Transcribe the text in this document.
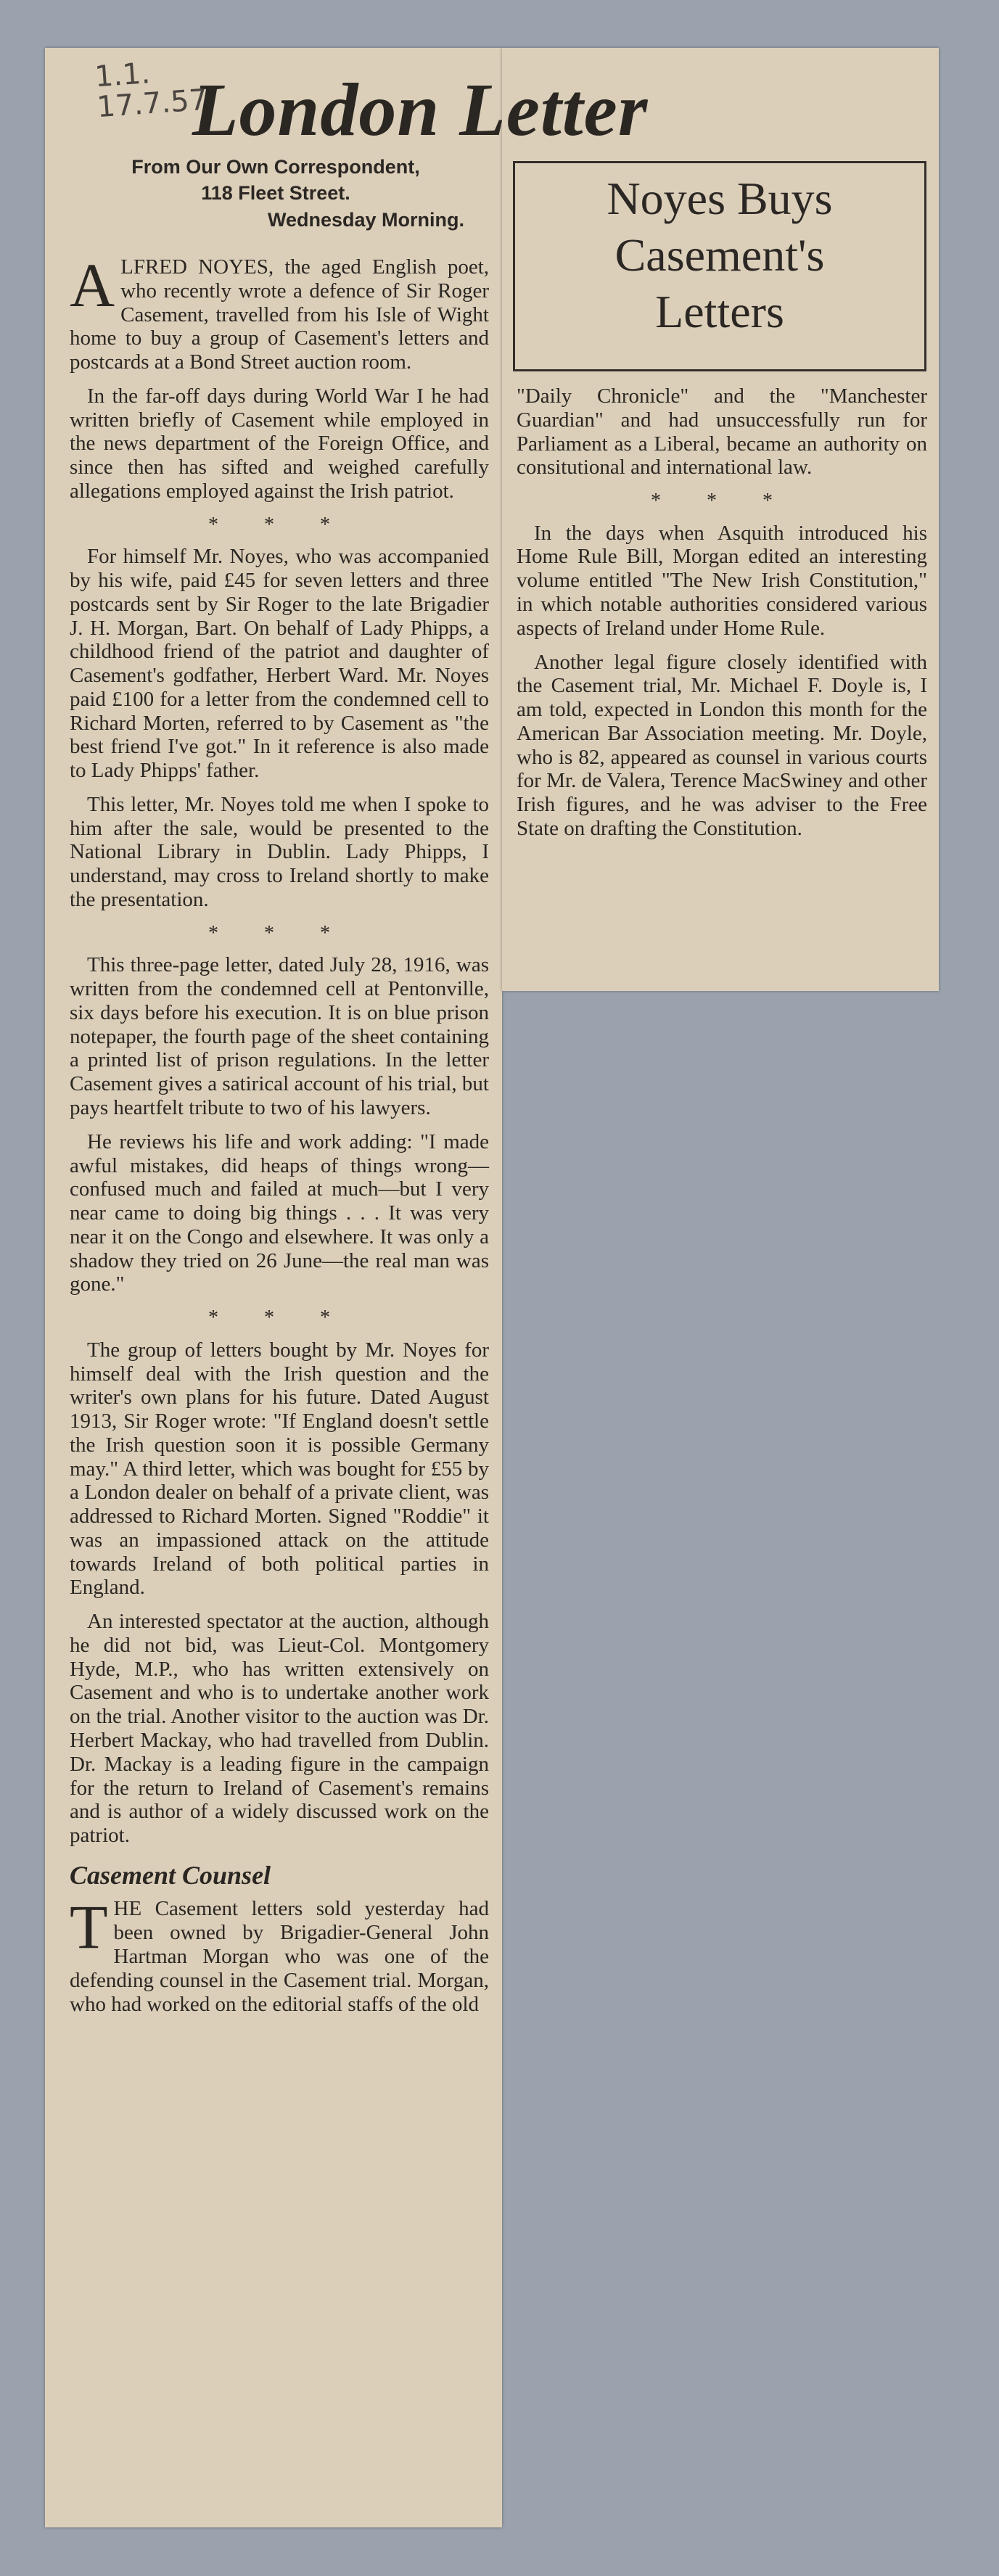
1.1.
17.7.57
London Letter
From Our Own Correspondent,
118 Fleet Street.
Wednesday Morning.	Noyes Buys
Casement's
Letters

ALFRED NOYES, the aged English poet, who recently wrote a defence of Sir Roger Casement, travelled from his Isle of Wight home to buy a group of Casement's letters and postcards at a Bond Street auction room.

In the far-off days during World War I he had written briefly of Casement while employed in the news department of the Foreign Office, and since then has sifted and weighed carefully allegations employed against the Irish patriot.

* * *

For himself Mr. Noyes, who was accompanied by his wife, paid £45 for seven letters and three postcards sent by Sir Roger to the late Brigadier J. H. Morgan, Bart. On behalf of Lady Phipps, a childhood friend of the patriot and daughter of Casement's godfather, Herbert Ward. Mr. Noyes paid £100 for a letter from the condemned cell to Richard Morten, referred to by Casement as "the best friend I've got." In it reference is also made to Lady Phipps' father.

This letter, Mr. Noyes told me when I spoke to him after the sale, would be presented to the National Library in Dublin. Lady Phipps, I understand, may cross to Ireland shortly to make the presentation.

* * *

This three-page letter, dated July 28, 1916, was written from the condemned cell at Pentonville, six days before his execution. It is on blue prison notepaper, the fourth page of the sheet containing a printed list of prison regulations. In the letter Casement gives a satirical account of his trial, but pays heartfelt tribute to two of his lawyers.

He reviews his life and work adding: "I made awful mistakes, did heaps of things wrong—confused much and failed at much—but I very near came to doing big things . . . It was very near it on the Congo and elsewhere. It was only a shadow they tried on 26 June—the real man was gone."

* * *

The group of letters bought by Mr. Noyes for himself deal with the Irish question and the writer's own plans for his future. Dated August 1913, Sir Roger wrote: "If England doesn't settle the Irish question soon it is possible Germany may." A third letter, which was bought for £55 by a London dealer on behalf of a private client, was addressed to Richard Morten. Signed "Roddie" it was an impassioned attack on the attitude towards Ireland of both political parties in England.

An interested spectator at the auction, although he did not bid, was Lieut-Col. Montgomery Hyde, M.P., who has written extensively on Casement and who is to undertake another work on the trial. Another visitor to the auction was Dr. Herbert Mackay, who had travelled from Dublin. Dr. Mackay is a leading figure in the campaign for the return to Ireland of Casement's remains and is author of a widely discussed work on the patriot.

Casement Counsel

THE Casement letters sold yesterday had been owned by Brigadier-General John Hartman Morgan who was one of the defending counsel in the Casement trial. Morgan, who had worked on the editorial staffs of the old

"Daily Chronicle" and the "Manchester Guardian" and had unsuccessfully run for Parliament as a Liberal, became an authority on consitutional and international law.

* * *

In the days when Asquith introduced his Home Rule Bill, Morgan edited an interesting volume entitled "The New Irish Constitution," in which notable authorities considered various aspects of Ireland under Home Rule.

Another legal figure closely identified with the Casement trial, Mr. Michael F. Doyle is, I am told, expected in London this month for the American Bar Association meeting. Mr. Doyle, who is 82, appeared as counsel in various courts for Mr. de Valera, Terence MacSwiney and other Irish figures, and he was adviser to the Free State on drafting the Constitution.
